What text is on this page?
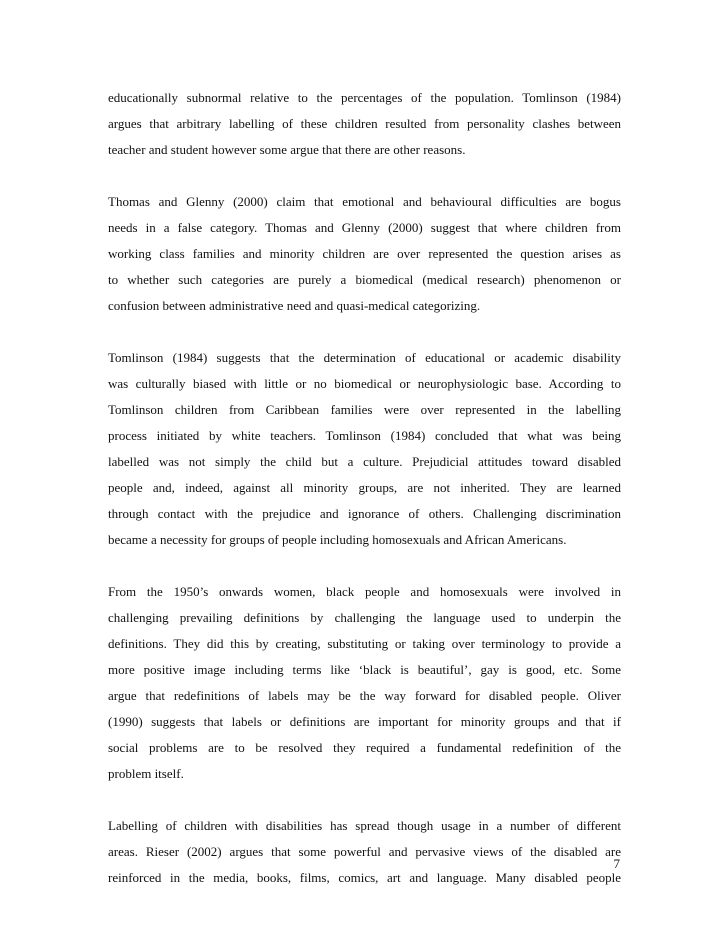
educationally subnormal relative to the percentages of the population. Tomlinson (1984)
argues that arbitrary labelling of these children resulted from personality clashes between
teacher and student however some argue that there are other reasons.

Thomas and Glenny (2000) claim that emotional and behavioural difficulties are bogus
needs in a false category. Thomas and Glenny (2000) suggest that where children from
working class families and minority children are over represented the question arises as
to whether such categories are purely a biomedical (medical research) phenomenon or
confusion between administrative need and quasi-medical categorizing.

Tomlinson (1984) suggests that the determination of educational or academic disability
was culturally biased with little or no biomedical or neurophysiologic base. According to
Tomlinson children from Caribbean families were over represented in the labelling
process initiated by white teachers. Tomlinson (1984) concluded that what was being
labelled was not simply the child but a culture. Prejudicial attitudes toward disabled
people and, indeed, against all minority groups, are not inherited. They are learned
through contact with the prejudice and ignorance of others. Challenging discrimination
became a necessity for groups of people including homosexuals and African Americans.

From the 1950’s onwards women, black people and homosexuals were involved in
challenging prevailing definitions by challenging the language used to underpin the
definitions. They did this by creating, substituting or taking over terminology to provide a
more positive image including terms like ‘black is beautiful’, gay is good, etc. Some
argue that redefinitions of labels may be the way forward for disabled people. Oliver
(1990) suggests that labels or definitions are important for minority groups and that if
social problems are to be resolved they required a fundamental redefinition of the
problem itself.

Labelling of children with disabilities has spread though usage in a number of different
areas. Rieser (2002) argues that some powerful and pervasive views of the disabled are
reinforced in the media, books, films, comics, art and language. Many disabled people

7
